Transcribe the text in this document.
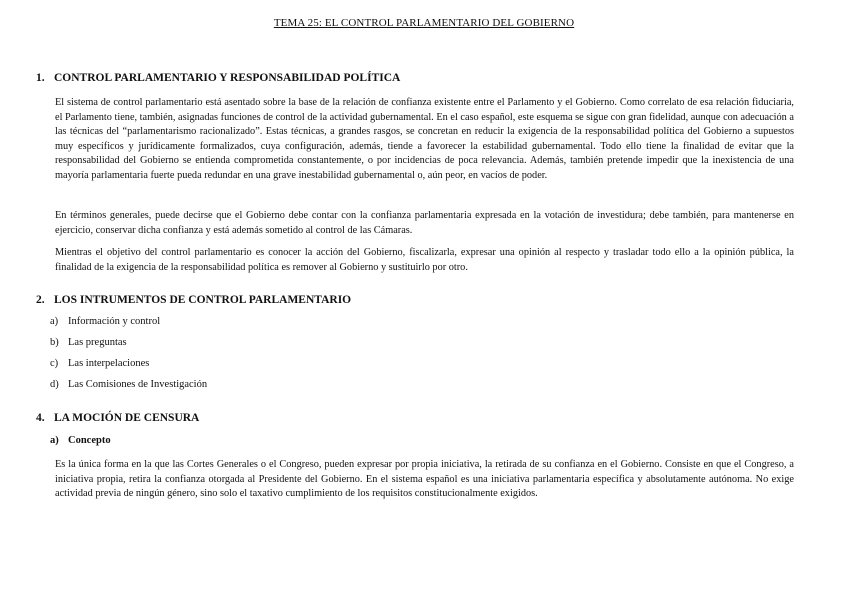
TEMA 25: EL CONTROL PARLAMENTARIO DEL GOBIERNO
1. CONTROL PARLAMENTARIO Y RESPONSABILIDAD POLÍTICA

El sistema de control parlamentario está asentado sobre la base de la relación de confianza existente entre el Parlamento y el Gobierno. Como correlato de esa relación fiduciaria, el Parlamento tiene, también, asignadas funciones de control de la actividad gubernamental. En el caso español, este esquema se sigue con gran fidelidad, aunque con adecuación a las técnicas del “parlamentarismo racionalizado”. Estas técnicas, a grandes rasgos, se concretan en reducir la exigencia de la responsabilidad política del Gobierno a supuestos muy específicos y jurídicamente formalizados, cuya configuración, además, tiende a favorecer la estabilidad gubernamental. Todo ello tiene la finalidad de evitar que la responsabilidad del Gobierno se entienda comprometida constantemente, o por incidencias de poca relevancia. Además, también pretende impedir que la inexistencia de una mayoría parlamentaria fuerte pueda redundar en una grave inestabilidad gubernamental o, aún peor, en vacíos de poder.

En términos generales, puede decirse que el Gobierno debe contar con la confianza parlamentaria expresada en la votación de investidura; debe también, para mantenerse en ejercicio, conservar dicha confianza y está además sometido al control de las Cámaras.

Mientras el objetivo del control parlamentario es conocer la acción del Gobierno, fiscalizarla, expresar una opinión al respecto y trasladar todo ello a la opinión pública, la finalidad de la exigencia de la responsabilidad política es remover al Gobierno y sustituirlo por otro.

2. LOS INTRUMENTOS DE CONTROL PARLAMENTARIO
a) Información y control
b) Las preguntas
c) Las interpelaciones
d) Las Comisiones de Investigación
4. LA MOCIÓN DE CENSURA
a) Concepto

Es la única forma en la que las Cortes Generales o el Congreso, pueden expresar por propia iniciativa, la retirada de su confianza en el Gobierno. Consiste en que el Congreso, a iniciativa propia, retira la confianza otorgada al Presidente del Gobierno. En el sistema español es una iniciativa parlamentaria específica y absolutamente autónoma. No exige actividad previa de ningún género, sino solo el taxativo cumplimiento de los requisitos constitucionalmente exigidos.
